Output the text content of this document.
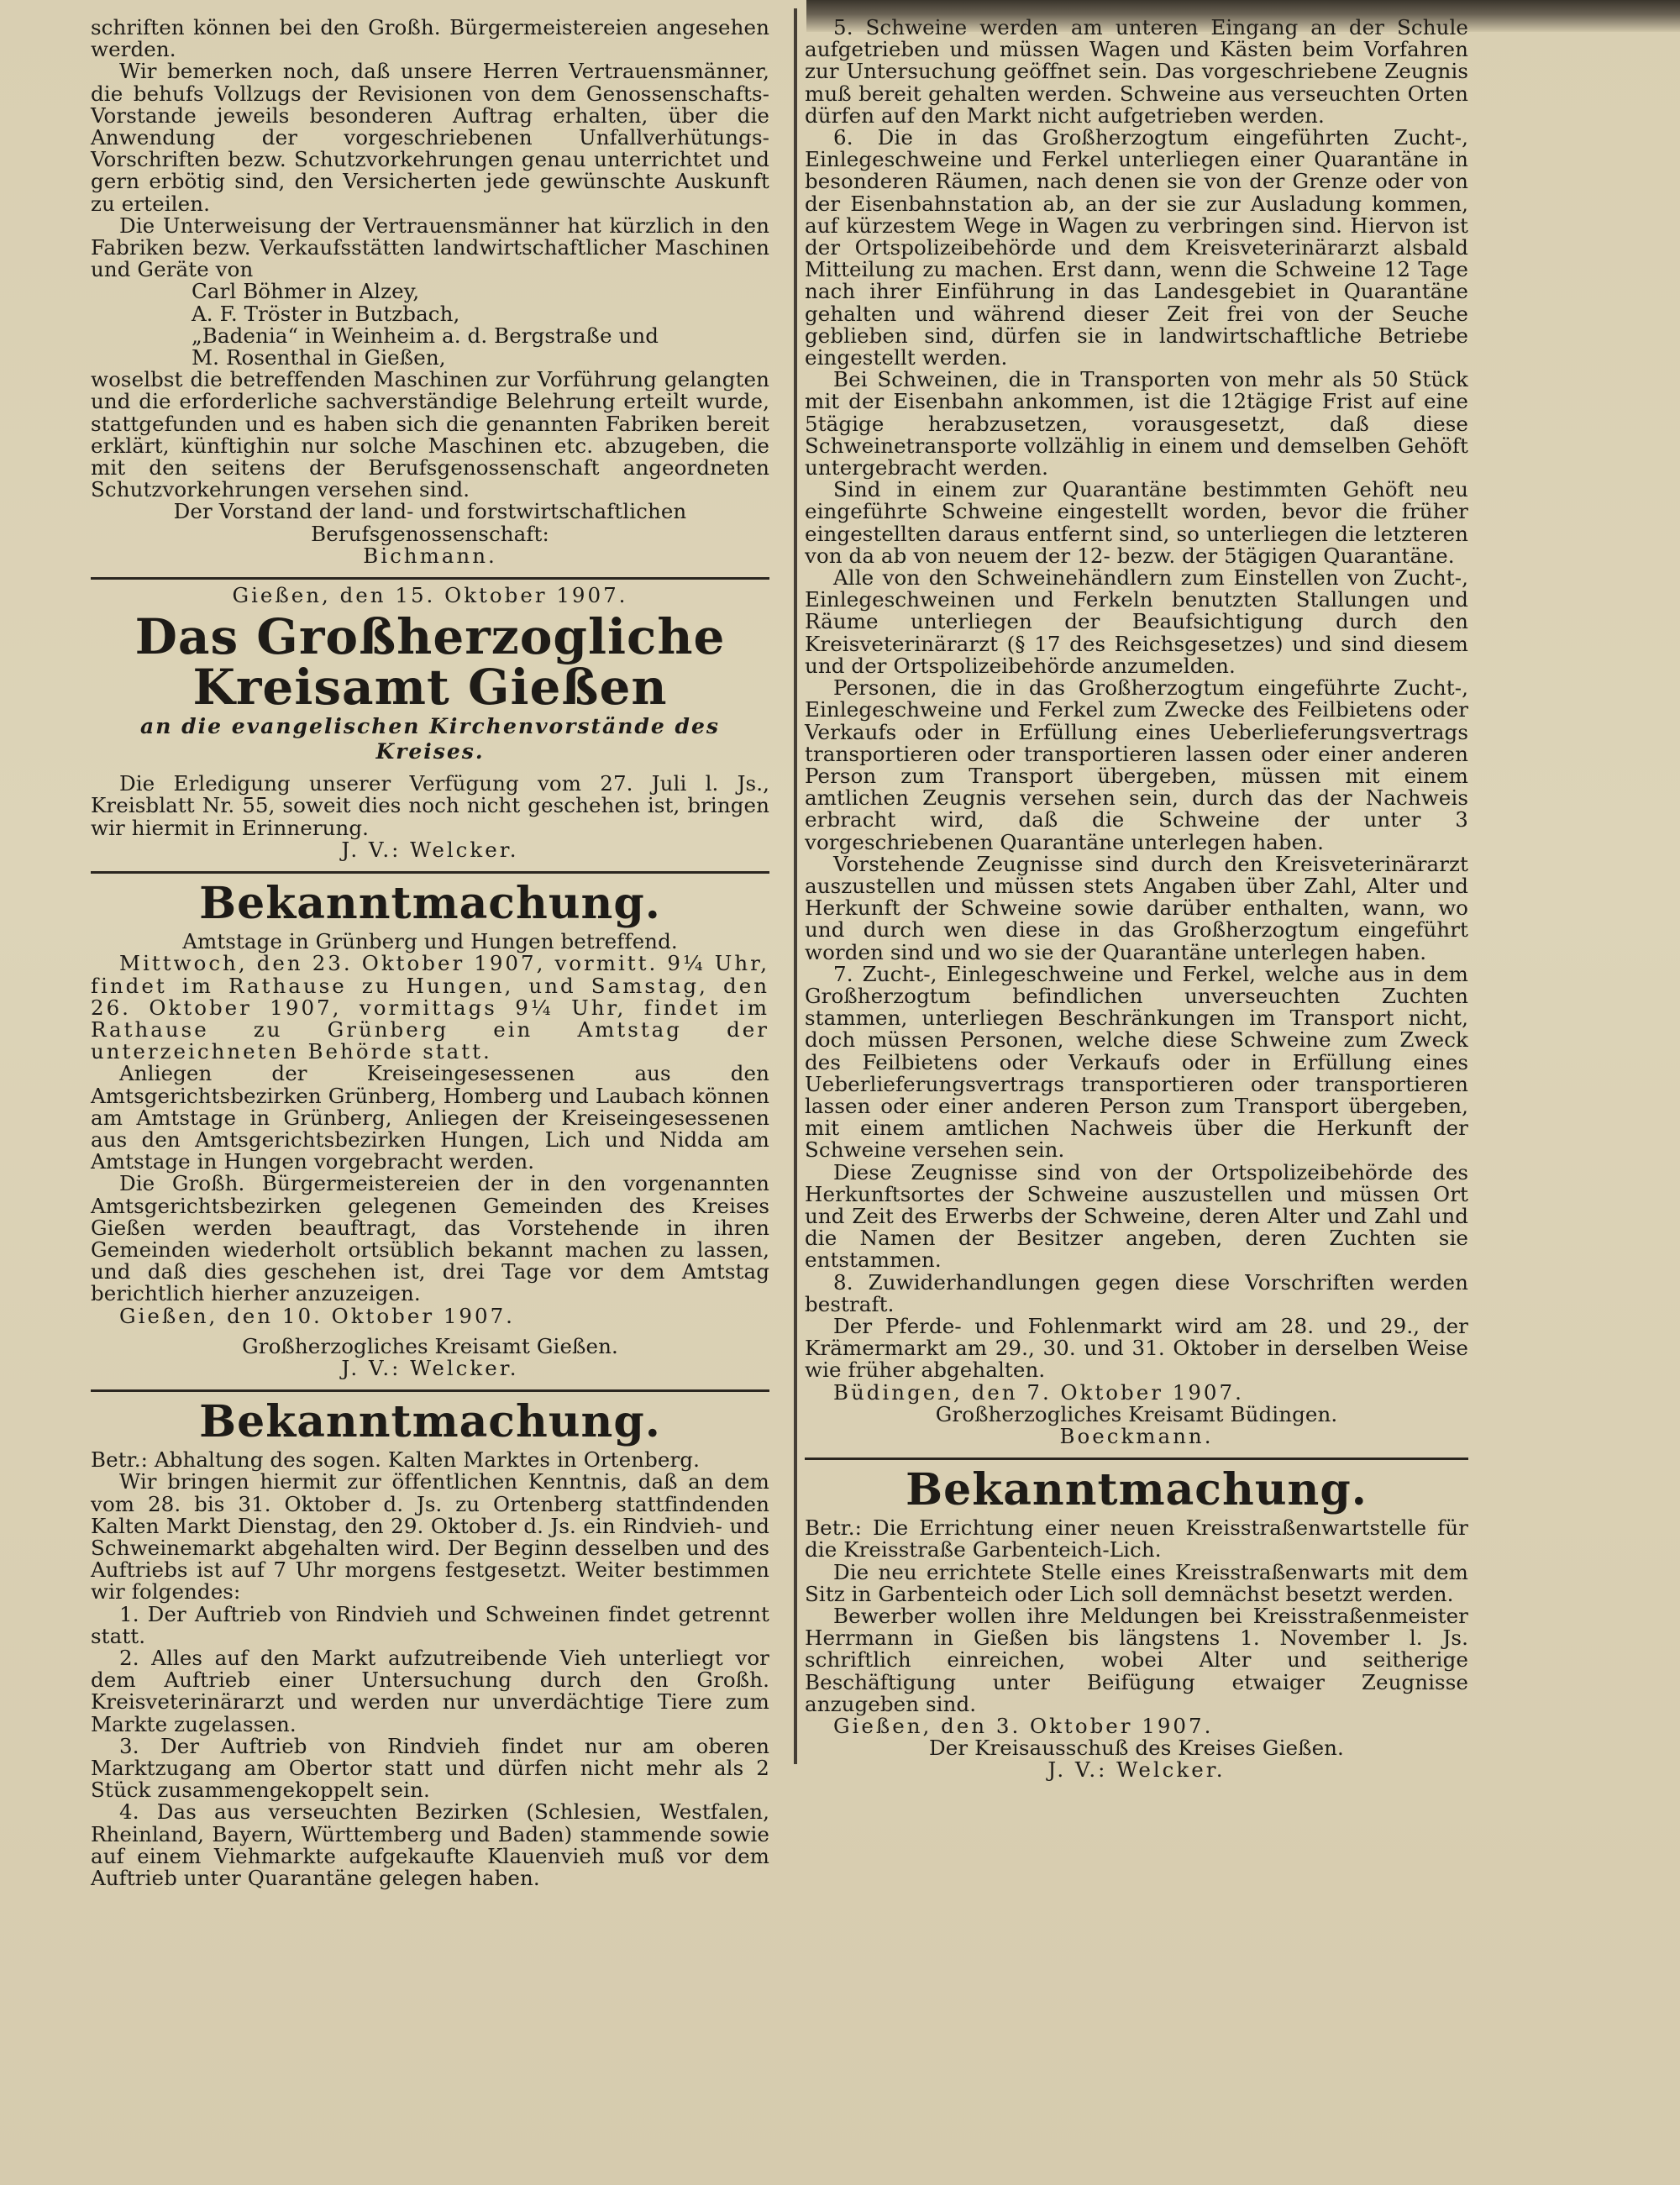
schriften können bei den Großh. Bürgermeistereien angesehen werden.

Wir bemerken noch, daß unsere Herren Vertrauensmänner, die behufs Vollzugs der Revisionen von dem Genossenschafts-Vorstande jeweils besonderen Auftrag erhalten, über die Anwendung der vorgeschriebenen Unfallverhütungs-Vorschriften bezw. Schutzvorkehrungen genau unterrichtet und gern erbötig sind, den Versicherten jede gewünschte Auskunft zu erteilen.

Die Unterweisung der Vertrauensmänner hat kürzlich in den Fabriken bezw. Verkaufsstätten landwirtschaftlicher Maschinen und Geräte von

Carl Böhmer in Alzey,

A. F. Tröster in Butzbach,

„Badenia“ in Weinheim a. d. Bergstraße und

M. Rosenthal in Gießen,

woselbst die betreffenden Maschinen zur Vorführung gelangten und die erforderliche sachverständige Belehrung erteilt wurde, stattgefunden und es haben sich die genannten Fabriken bereit erklärt, künftighin nur solche Maschinen etc. abzugeben, die mit den seitens der Berufsgenossenschaft angeordneten Schutzvorkehrungen versehen sind.

Der Vorstand der land- und forstwirtschaftlichen

Berufsgenossenschaft:

Bichmann.

Gießen, den 15. Oktober 1907.

Das Großherzogliche Kreisamt Gießen
an die evangelischen Kirchenvorstände des Kreises.

Die Erledigung unserer Verfügung vom 27. Juli l. Js., Kreisblatt Nr. 55, soweit dies noch nicht geschehen ist, bringen wir hiermit in Erinnerung.

J. V.: Welcker.

Bekanntmachung.

Amtstage in Grünberg und Hungen betreffend.

Mittwoch, den 23. Oktober 1907, vormitt. 9¼ Uhr, findet im Rathause zu Hungen, und Samstag, den 26. Oktober 1907, vormittags 9¼ Uhr, findet im Rathause zu Grünberg ein Amtstag der unterzeichneten Behörde statt.

Anliegen der Kreiseingesessenen aus den Amtsgerichtsbezirken Grünberg, Homberg und Laubach können am Amtstage in Grünberg, Anliegen der Kreiseingesessenen aus den Amtsgerichtsbezirken Hungen, Lich und Nidda am Amtstage in Hungen vorgebracht werden.

Die Großh. Bürgermeistereien der in den vorgenannten Amtsgerichtsbezirken gelegenen Gemeinden des Kreises Gießen werden beauftragt, das Vorstehende in ihren Gemeinden wiederholt ortsüblich bekannt machen zu lassen, und daß dies geschehen ist, drei Tage vor dem Amtstag berichtlich hierher anzuzeigen.

Gießen, den 10. Oktober 1907.

Großherzogliches Kreisamt Gießen.

J. V.: Welcker.

Bekanntmachung.

Betr.: Abhaltung des sogen. Kalten Marktes in Ortenberg.

Wir bringen hiermit zur öffentlichen Kenntnis, daß an dem vom 28. bis 31. Oktober d. Js. zu Ortenberg stattfindenden Kalten Markt Dienstag, den 29. Oktober d. Js. ein Rindvieh- und Schweinemarkt abgehalten wird. Der Beginn desselben und des Auftriebs ist auf 7 Uhr morgens festgesetzt. Weiter bestimmen wir folgendes:

1. Der Auftrieb von Rindvieh und Schweinen findet getrennt statt.

2. Alles auf den Markt aufzutreibende Vieh unterliegt vor dem Auftrieb einer Untersuchung durch den Großh. Kreisveterinärarzt und werden nur unverdächtige Tiere zum Markte zugelassen.

3. Der Auftrieb von Rindvieh findet nur am oberen Marktzugang am Obertor statt und dürfen nicht mehr als 2 Stück zusammengekoppelt sein.

4. Das aus verseuchten Bezirken (Schlesien, Westfalen, Rheinland, Bayern, Württemberg und Baden) stammende sowie auf einem Viehmarkte aufgekaufte Klauenvieh muß vor dem Auftrieb unter Quarantäne gelegen haben.

5. Schweine werden am unteren Eingang an der Schule aufgetrieben und müssen Wagen und Kästen beim Vorfahren zur Untersuchung geöffnet sein. Das vorgeschriebene Zeugnis muß bereit gehalten werden. Schweine aus verseuchten Orten dürfen auf den Markt nicht aufgetrieben werden.

6. Die in das Großherzogtum eingeführten Zucht-, Einlegeschweine und Ferkel unterliegen einer Quarantäne in besonderen Räumen, nach denen sie von der Grenze oder von der Eisenbahnstation ab, an der sie zur Ausladung kommen, auf kürzestem Wege in Wagen zu verbringen sind. Hiervon ist der Ortspolizeibehörde und dem Kreisveterinärarzt alsbald Mitteilung zu machen. Erst dann, wenn die Schweine 12 Tage nach ihrer Einführung in das Landesgebiet in Quarantäne gehalten und während dieser Zeit frei von der Seuche geblieben sind, dürfen sie in landwirtschaftliche Betriebe eingestellt werden.

Bei Schweinen, die in Transporten von mehr als 50 Stück mit der Eisenbahn ankommen, ist die 12tägige Frist auf eine 5tägige herabzusetzen, vorausgesetzt, daß diese Schweinetransporte vollzählig in einem und demselben Gehöft untergebracht werden.

Sind in einem zur Quarantäne bestimmten Gehöft neu eingeführte Schweine eingestellt worden, bevor die früher eingestellten daraus entfernt sind, so unterliegen die letzteren von da ab von neuem der 12- bezw. der 5tägigen Quarantäne.

Alle von den Schweinehändlern zum Einstellen von Zucht-, Einlegeschweinen und Ferkeln benutzten Stallungen und Räume unterliegen der Beaufsichtigung durch den Kreisveterinärarzt (§ 17 des Reichsgesetzes) und sind diesem und der Ortspolizeibehörde anzumelden.

Personen, die in das Großherzogtum eingeführte Zucht-, Einlegeschweine und Ferkel zum Zwecke des Feilbietens oder Verkaufs oder in Erfüllung eines Ueberlieferungsvertrags transportieren oder transportieren lassen oder einer anderen Person zum Transport übergeben, müssen mit einem amtlichen Zeugnis versehen sein, durch das der Nachweis erbracht wird, daß die Schweine der unter 3 vorgeschriebenen Quarantäne unterlegen haben.

Vorstehende Zeugnisse sind durch den Kreisveterinärarzt auszustellen und müssen stets Angaben über Zahl, Alter und Herkunft der Schweine sowie darüber enthalten, wann, wo und durch wen diese in das Großherzogtum eingeführt worden sind und wo sie der Quarantäne unterlegen haben.

7. Zucht-, Einlegeschweine und Ferkel, welche aus in dem Großherzogtum befindlichen unverseuchten Zuchten stammen, unterliegen Beschränkungen im Transport nicht, doch müssen Personen, welche diese Schweine zum Zweck des Feilbietens oder Verkaufs oder in Erfüllung eines Ueberlieferungsvertrags transportieren oder transportieren lassen oder einer anderen Person zum Transport übergeben, mit einem amtlichen Nachweis über die Herkunft der Schweine versehen sein.

Diese Zeugnisse sind von der Ortspolizeibehörde des Herkunftsortes der Schweine auszustellen und müssen Ort und Zeit des Erwerbs der Schweine, deren Alter und Zahl und die Namen der Besitzer angeben, deren Zuchten sie entstammen.

8. Zuwiderhandlungen gegen diese Vorschriften werden bestraft.

Der Pferde- und Fohlenmarkt wird am 28. und 29., der Krämermarkt am 29., 30. und 31. Oktober in derselben Weise wie früher abgehalten.

Büdingen, den 7. Oktober 1907.

Großherzogliches Kreisamt Büdingen.

Boeckmann.

Bekanntmachung.

Betr.: Die Errichtung einer neuen Kreisstraßenwartstelle für die Kreisstraße Garbenteich-Lich.

Die neu errichtete Stelle eines Kreisstraßenwarts mit dem Sitz in Garbenteich oder Lich soll demnächst besetzt werden.

Bewerber wollen ihre Meldungen bei Kreisstraßenmeister Herrmann in Gießen bis längstens 1. November l. Js. schriftlich einreichen, wobei Alter und seitherige Beschäftigung unter Beifügung etwaiger Zeugnisse anzugeben sind.

Gießen, den 3. Oktober 1907.

Der Kreisausschuß des Kreises Gießen.

J. V.: Welcker.
